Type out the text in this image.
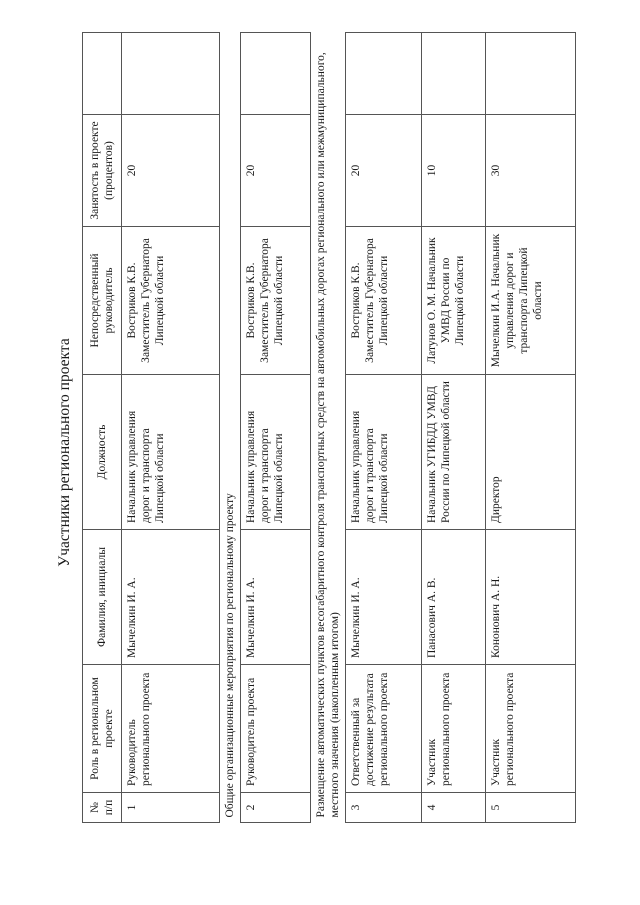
Участники регионального проекта
№ п/п	Роль в региональном проекте	Фамилия, инициалы	Должность	Непосредственный руководитель	Занятость в проекте (процентов)	
1	Руководитель регионального проекта	Мычелкин И. А.	Начальник управления дорог и транспорта Липецкой области	Востриков К.В. Заместитель Губернатора Липецкой области	20	
Общие организационные мероприятия по региональному проекту						
2	Руководитель проекта	Мычелкин И. А.	Начальник управления дорог и транспорта Липецкой области	Востриков К.В. Заместитель Губернатора Липецкой области	20	
Размещение автоматических пунктов весогабаритного контроля транспортных средств на автомобильных дорогах регионального или межмуниципального, местного значения (накопленным итогом)						
3	Ответственный за достижение результата регионального проекта	Мычелкин И. А.	Начальник управления дорог и транспорта Липецкой области	Востриков К.В. Заместитель Губернатора Липецкой области	20	
4	Участник регионального проекта	Панасович А. В.	Начальник УГИБДД УМВД России по Липецкой области	Латунов О. М. Начальник УМВД России по Липецкой области	10	
5	Участник регионального проекта	Кононович А. Н.	Директор	Мычелкин И.А. Начальник управления дорог и транспорта Липецкой области	30	
